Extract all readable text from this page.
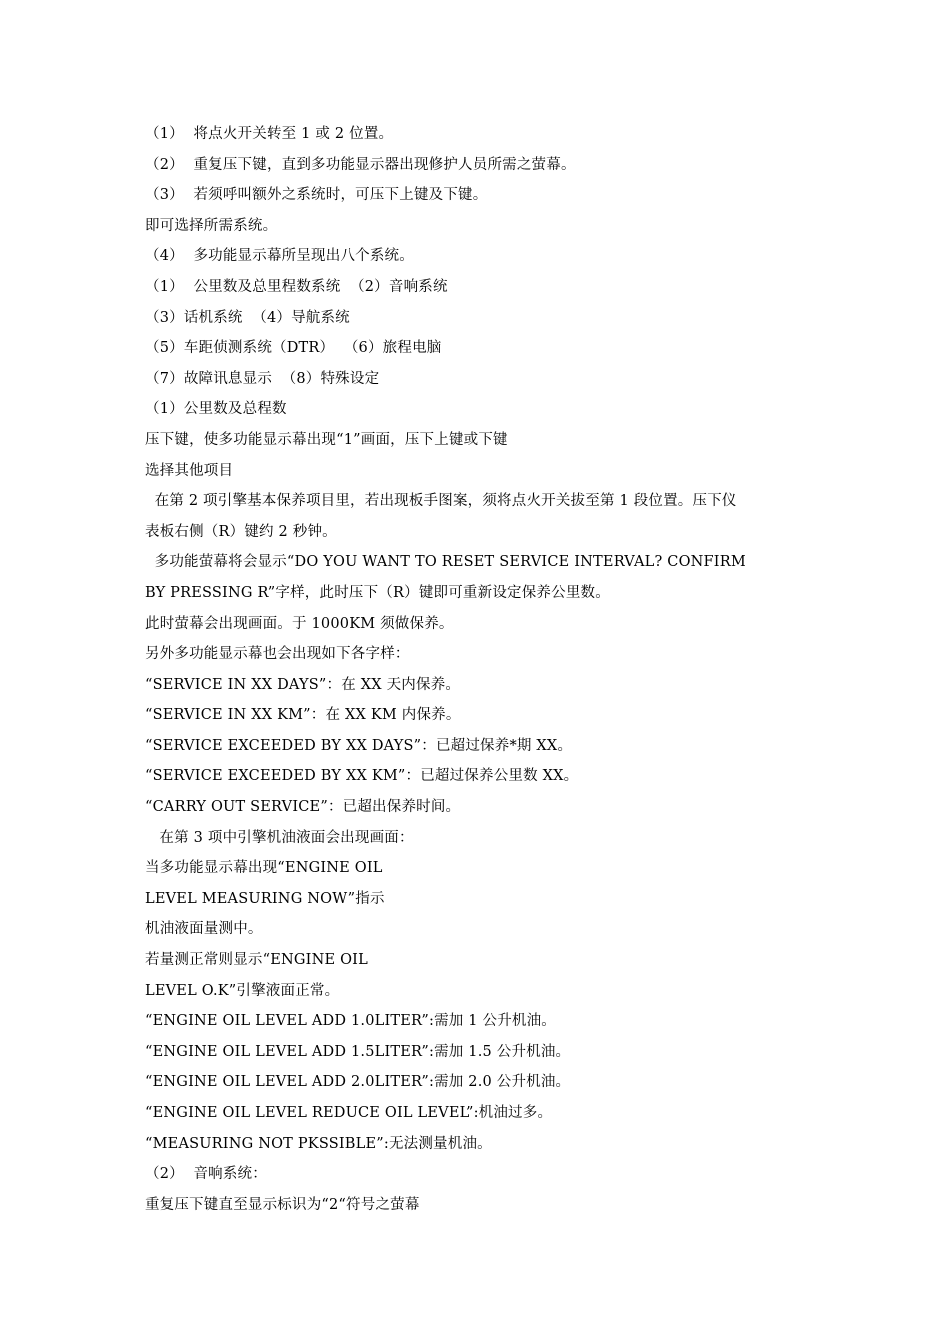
（1）  将点火开关转至 1 或 2 位置。
（2）  重复压下键，直到多功能显示器出现修护人员所需之萤幕。
（3）  若须呼叫额外之系统时，可压下上键及下键。
即可选择所需系统。
（4）  多功能显示幕所呈现出八个系统。
（1）  公里数及总里程数系统  （2）音响系统
（3）话机系统  （4）导航系统
（5）车距侦测系统（DTR）  （6）旅程电脑
（7）故障讯息显示  （8）特殊设定
（1）公里数及总程数
压下键，使多功能显示幕出现“1”画面，压下上键或下键
选择其他项目
在第 2 项引擎基本保养项目里，若出现板手图案，须将点火开关拔至第 1 段位置。压下仪
表板右侧（R）键约 2 秒钟。
多功能萤幕将会显示“DO YOU WANT TO RESET SERVICE INTERVAL? CONFIRM
BY PRESSING R”字样，此时压下（R）键即可重新设定保养公里数。
此时萤幕会出现画面。于 1000KM 须做保养。
另外多功能显示幕也会出现如下各字样：
“SERVICE IN XX DAYS”：在 XX 天内保养。
“SERVICE IN XX KM”：在 XX KM 内保养。
“SERVICE EXCEEDED BY XX DAYS”：已超过保养*期 XX。
“SERVICE EXCEEDED BY XX KM”：已超过保养公里数 XX。
“CARRY OUT SERVICE”：已超出保养时间。
在第 3 项中引擎机油液面会出现画面：
当多功能显示幕出现“ENGINE OIL
LEVEL MEASURING NOW”指示
机油液面量测中。
若量测正常则显示“ENGINE OIL
LEVEL O.K”引擎液面正常。
“ENGINE OIL LEVEL ADD 1.0LITER”:需加 1 公升机油。
“ENGINE OIL LEVEL ADD 1.5LITER”:需加 1.5 公升机油。
“ENGINE OIL LEVEL ADD 2.0LITER”:需加 2.0 公升机油。
“ENGINE OIL LEVEL REDUCE OIL LEVEL”:机油过多。
“MEASURING NOT PKSSIBLE”:无法测量机油。
（2）  音响系统：
重复压下键直至显示标识为“2“符号之萤幕
